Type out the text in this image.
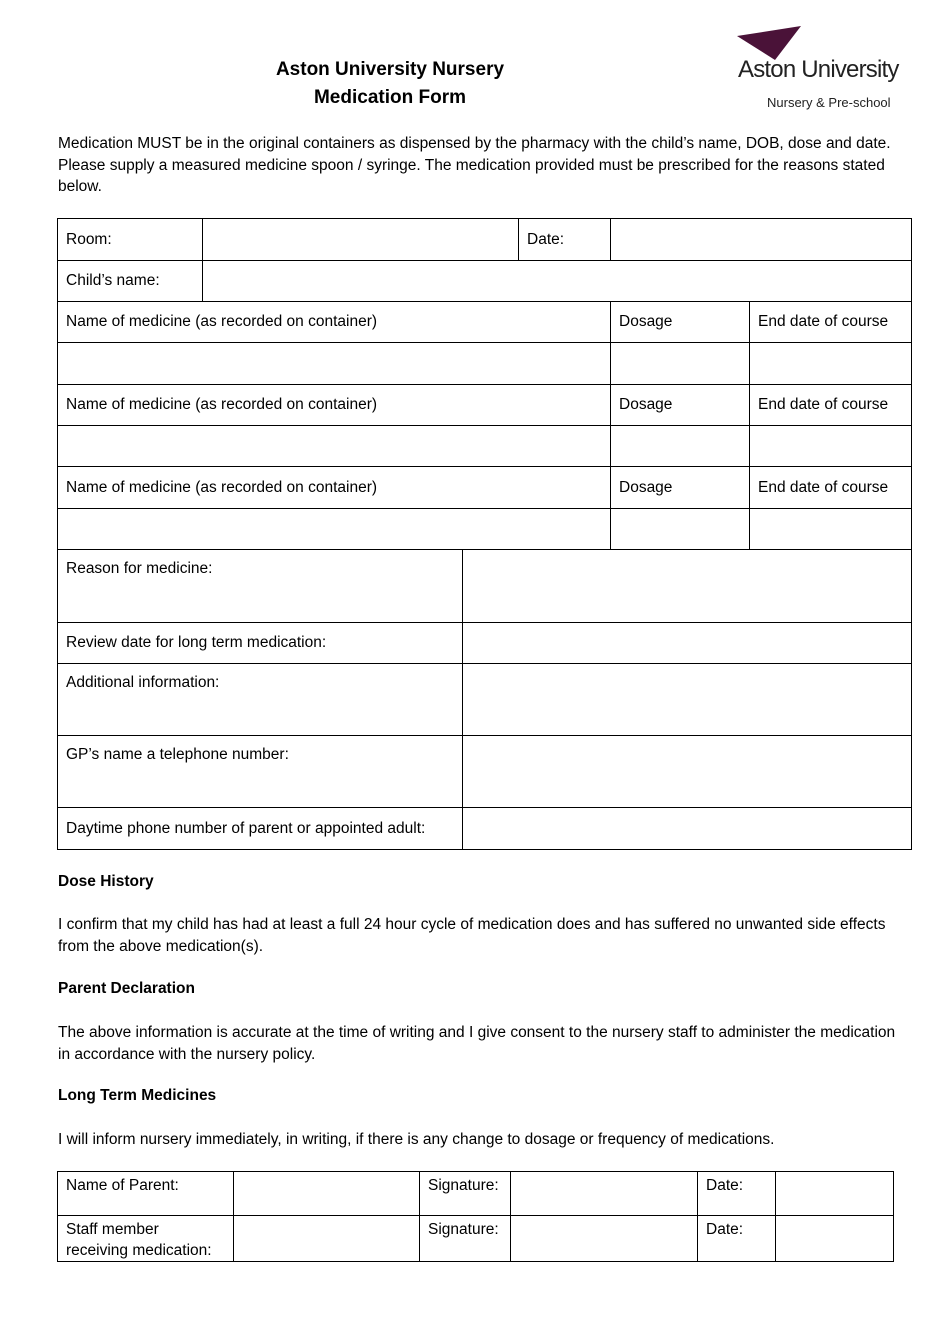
Aston University Nursery
Medication Form
Aston University
Nursery & Pre-school
Medication MUST be in the original containers as dispensed by the pharmacy with the child’s name, DOB, dose and date. Please supply a measured medicine spoon / syringe. The medication provided must be prescribed for the reasons stated below.
Room:		Date:		
Child’s name:				
Name of medicine (as recorded on container)			Dosage	End date of course

Name of medicine (as recorded on container)			Dosage	End date of course

Name of medicine (as recorded on container)			Dosage	End date of course

Reason for medicine:	
Review date for long term medication:	
Additional information:	
GP’s name a telephone number:	
Daytime phone number of parent or appointed adult:	
Dose History
I confirm that my child has had at least a full 24 hour cycle of medication does and has suffered no unwanted side effects from the above medication(s).
Parent Declaration
The above information is accurate at the time of writing and I give consent to the nursery staff to administer the medication in accordance with the nursery policy.
Long Term Medicines
I will inform nursery immediately, in writing, if there is any change to dosage or frequency of medications.
Name of Parent:		Signature:		Date:	
Staff member
receiving medication:		Signature:		Date:	
